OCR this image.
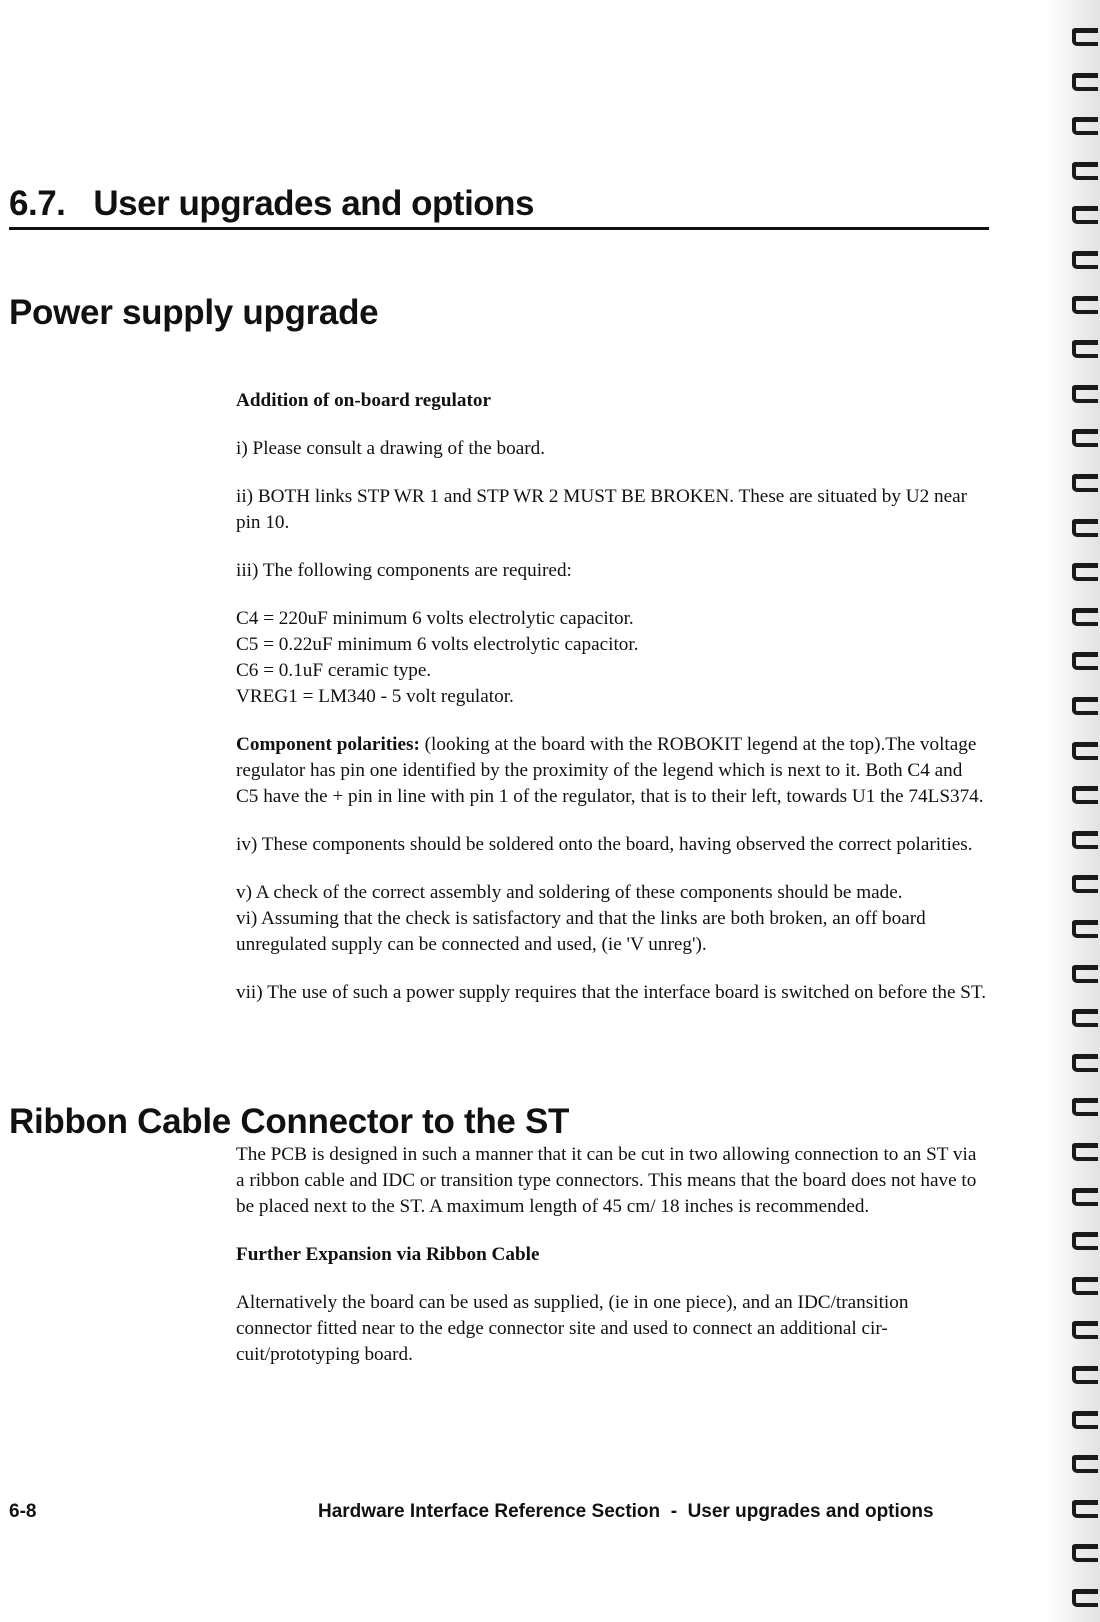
6.7. User upgrades and options
Power supply upgrade

Addition of on-board regulator

i) Please consult a drawing of the board.

ii) BOTH links STP WR 1 and STP WR 2 MUST BE BROKEN. These are situated by U2 near pin 10.

iii) The following components are required:

C4 = 220uF minimum 6 volts electrolytic capacitor.

C5 = 0.22uF minimum 6 volts electrolytic capacitor.

C6 = 0.1uF ceramic type.

VREG1 = LM340 - 5 volt regulator.

Component polarities: (looking at the board with the ROBOKIT legend at the top).The voltage regulator has pin one identified by the proximity of the legend which is next to it. Both C4 and C5 have the + pin in line with pin 1 of the regulator, that is to their left, towards U1 the 74LS374.

iv) These components should be soldered onto the board, having observed the correct polarities.

v) A check of the correct assembly and soldering of these components should be made.

vi) Assuming that the check is satisfactory and that the links are both broken, an off board unregulated supply can be connected and used, (ie 'V unreg').

vii) The use of such a power supply requires that the interface board is switched on before the ST.

Ribbon Cable Connector to the ST

The PCB is designed in such a manner that it can be cut in two allowing connection to an ST via a ribbon cable and IDC or transition type connectors. This means that the board does not have to be placed next to the ST. A maximum length of 45 cm/ 18 inches is recommended.

Further Expansion via Ribbon Cable

Alternatively the board can be used as supplied, (ie in one piece), and an IDC/transition connector fitted near to the edge connector site and used to connect an additional cir-cuit/prototyping board.

6-8	Hardware Interface Reference Section  -  User upgrades and options
